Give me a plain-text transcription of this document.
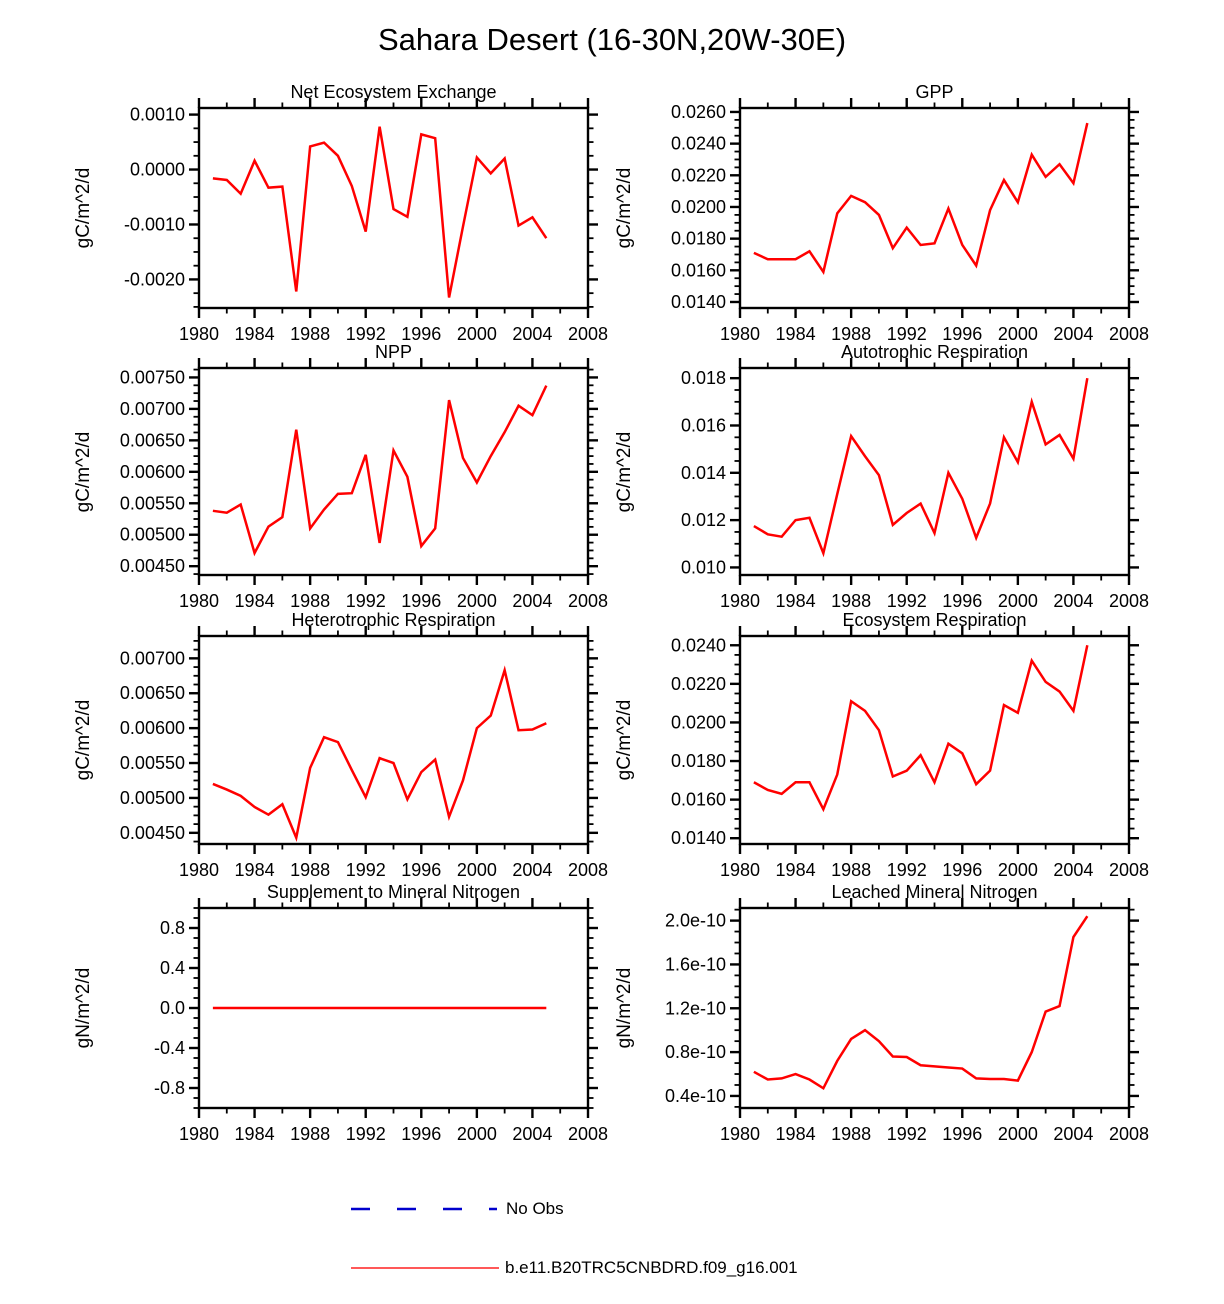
Sahara Desert (16-30N,20W-30E)
Net Ecosystem Exchange
gC/m^2/d
1980 1984 1988 1992 1996 2000 2004 2008
0.0010
0.0000
-0.0010
-0.0020
GPP
gC/m^2/d
1980 1984 1988 1992 1996 2000 2004 2008
0.0260
0.0240
0.0220
0.0200
0.0180
0.0160
0.0140
NPP
gC/m^2/d
1980 1984 1988 1992 1996 2000 2004 2008
0.00750
0.00700
0.00650
0.00600
0.00550
0.00500
0.00450
Autotrophic Respiration
gC/m^2/d
1980 1984 1988 1992 1996 2000 2004 2008
0.018
0.016
0.014
0.012
0.010
Heterotrophic Respiration
gC/m^2/d
1980 1984 1988 1992 1996 2000 2004 2008
0.00700
0.00650
0.00600
0.00550
0.00500
0.00450
Ecosystem Respiration
gC/m^2/d
1980 1984 1988 1992 1996 2000 2004 2008
0.0240
0.0220
0.0200
0.0180
0.0160
0.0140
Supplement to Mineral Nitrogen
gN/m^2/d
1980 1984 1988 1992 1996 2000 2004 2008
0.8
0.4
0.0
-0.4
-0.8
Leached Mineral Nitrogen
gN/m^2/d
1980 1984 1988 1992 1996 2000 2004 2008
2.0e-10
1.6e-10
1.2e-10
0.8e-10
0.4e-10
No Obs
b.e11.B20TRC5CNBDRD.f09_g16.001
